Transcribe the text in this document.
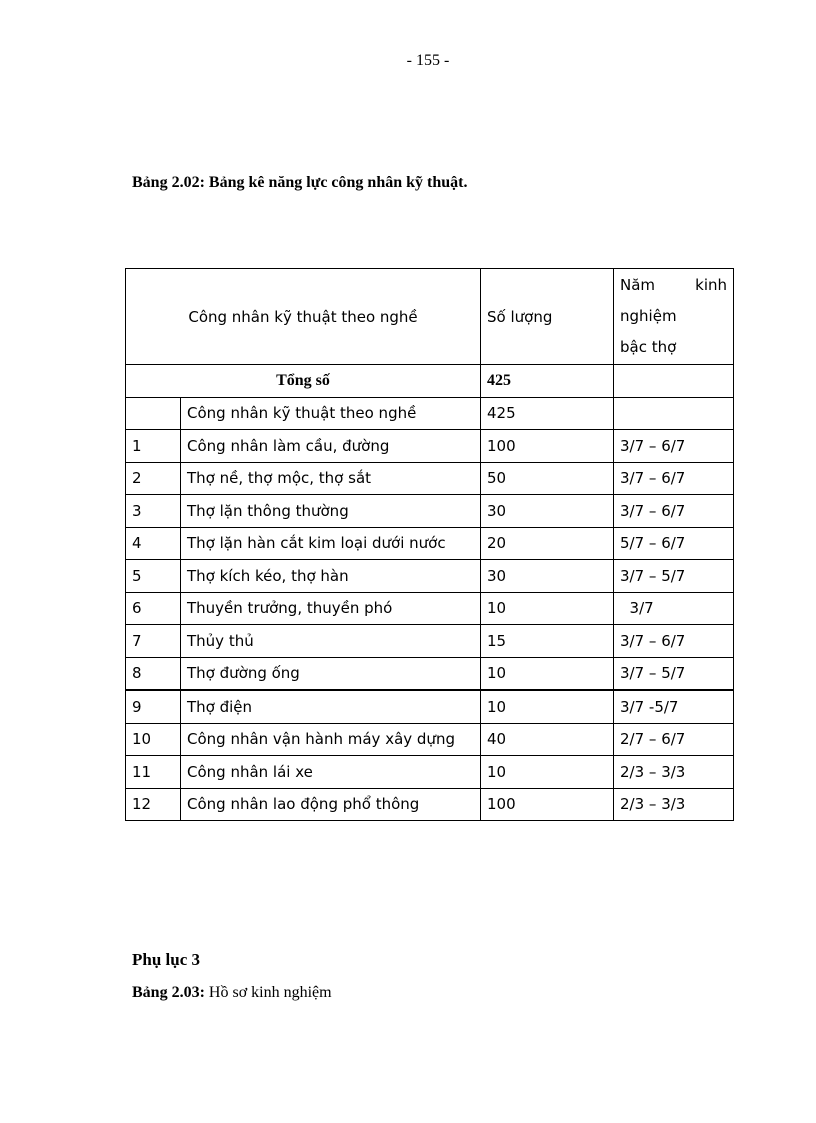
- 155 -
Bảng 2.02: Bảng kê năng lực công nhân kỹ thuật.
Công nhân kỹ thuật theo nghề		Số lượng	Năm kinh
nghiệm
bậc thợ

Tổng số		425	
	Công nhân kỹ thuật theo nghề	425	
1	Công nhân làm cầu, đường	100	3/7 – 6/7
2	Thợ nề, thợ mộc, thợ sắt	50	3/7 – 6/7
3	Thợ lặn thông thường	30	3/7 – 6/7
4	Thợ lặn hàn cắt kim loại dưới nước	20	5/7 – 6/7
5	Thợ kích kéo, thợ hàn	30	3/7 – 5/7
6	Thuyền trưởng, thuyền phó	10	3/7
7	Thủy thủ	15	3/7 – 6/7
8	Thợ đường ống	10	3/7 – 5/7
9	Thợ điện	10	3/7 -5/7
10	Công nhân vận hành máy xây dựng	40	2/7 – 6/7
11	Công nhân lái xe	10	2/3 – 3/3
12	Công nhân lao động phổ thông	100	2/3 – 3/3
Phụ lục 3
Bảng 2.03: Hồ sơ kinh nghiệm
